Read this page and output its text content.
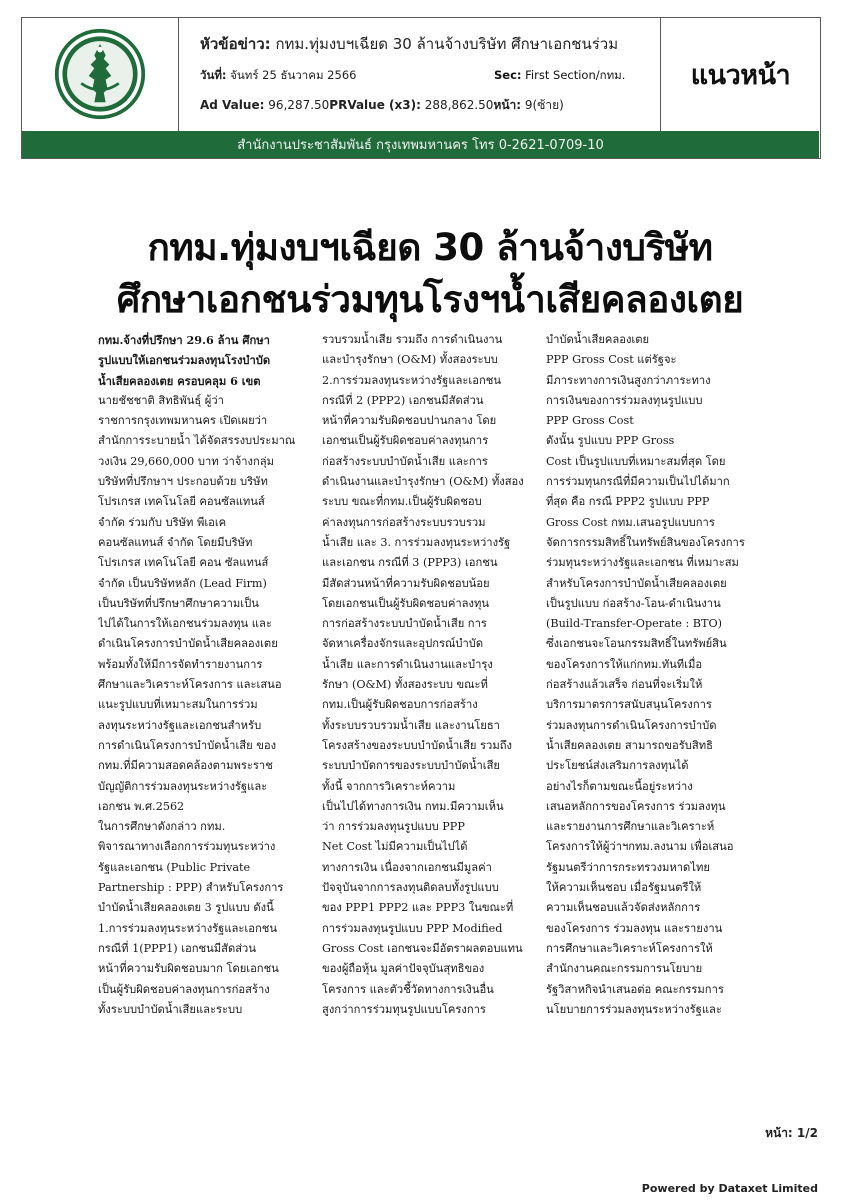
หัวข้อข่าว: กทม.ทุ่มงบฯเฉียด 30 ล้านจ้างบริษัท ศึกษาเอกชนร่วม
วันที่: จันทร์ 25 ธันวาคม 2566	Sec: First Section/กทม.
Ad Value: 96,287.50PRValue (x3): 288,862.50หน้า: 9(ซ้าย)
แนวหน้า
สำนักงานประชาสัมพันธ์ กรุงเทพมหานคร โทร 0-2621-0709-10
กทม.ทุ่มงบฯเฉียด 30 ล้านจ้างบริษัท
ศึกษาเอกชนร่วมทุนโรงฯน้ำเสียคลองเตย
กทม.จ้างที่ปรึกษา 29.6 ล้าน ศึกษา
รูปแบบให้เอกชนร่วมลงทุนโรงบำบัด
น้ำเสียคลองเตย ครอบคลุม 6 เขต
นายชัชชาติ สิทธิพันธุ์ ผู้ว่า
ราชการกรุงเทพมหานคร เปิดเผยว่า
สำนักการระบายน้ำ ได้จัดสรรงบประมาณ
วงเงิน 29,660,000 บาท ว่าจ้างกลุ่ม
บริษัทที่ปรึกษาฯ ประกอบด้วย บริษัท
โปรเกรส เทคโนโลยี คอนซัลแทนส์
จำกัด ร่วมกับ บริษัท พีเอเค
คอนซัลแทนส์ จำกัด โดยมีบริษัท
โปรเกรส เทคโนโลยี คอน ซัลแทนส์
จำกัด เป็นบริษัทหลัก (Lead Firm)
เป็นบริษัทที่ปรึกษาศึกษาความเป็น
ไปได้ในการให้เอกชนร่วมลงทุน และ
ดำเนินโครงการบำบัดน้ำเสียคลองเตย
พร้อมทั้งให้มีการจัดทำรายงานการ
ศึกษาและวิเคราะห์โครงการ และเสนอ
แนะรูปแบบที่เหมาะสมในการร่วม
ลงทุนระหว่างรัฐและเอกชนสำหรับ
การดำเนินโครงการบำบัดน้ำเสีย ของ
กทม.ที่มีความสอดคล้องตามพระราช
บัญญัติการร่วมลงทุนระหว่างรัฐและ
เอกชน พ.ศ.2562
ในการศึกษาดังกล่าว กทม.
พิจารณาทางเลือกการร่วมทุนระหว่าง
รัฐและเอกชน (Public Private
Partnership : PPP) สำหรับโครงการ
บำบัดน้ำเสียคลองเตย 3 รูปแบบ ดังนี้
1.การร่วมลงทุนระหว่างรัฐและเอกชน
กรณีที่ 1(PPP1) เอกชนมีสัดส่วน
หน้าที่ความรับผิดชอบมาก โดยเอกชน
เป็นผู้รับผิดชอบค่าลงทุนการก่อสร้าง
ทั้งระบบบำบัดน้ำเสียและระบบ
รวบรวมน้ำเสีย รวมถึง การดำเนินงาน
และบำรุงรักษา (O&M) ทั้งสองระบบ
2.การร่วมลงทุนระหว่างรัฐและเอกชน
กรณีที่ 2 (PPP2) เอกชนมีสัดส่วน
หน้าที่ความรับผิดชอบปานกลาง โดย
เอกชนเป็นผู้รับผิดชอบค่าลงทุนการ
ก่อสร้างระบบบำบัดน้ำเสีย และการ
ดำเนินงานและบำรุงรักษา (O&M) ทั้งสอง
ระบบ ขณะที่กทม.เป็นผู้รับผิดชอบ
ค่าลงทุนการก่อสร้างระบบรวบรวม
น้ำเสีย และ 3. การร่วมลงทุนระหว่างรัฐ
และเอกชน กรณีที่ 3 (PPP3) เอกชน
มีสัดส่วนหน้าที่ความรับผิดชอบน้อย
โดยเอกชนเป็นผู้รับผิดชอบค่าลงทุน
การก่อสร้างระบบบำบัดน้ำเสีย การ
จัดหาเครื่องจักรและอุปกรณ์บำบัด
น้ำเสีย และการดำเนินงานและบำรุง
รักษา (O&M) ทั้งสองระบบ ขณะที่
กทม.เป็นผู้รับผิดชอบการก่อสร้าง
ทั้งระบบรวบรวมน้ำเสีย และงานโยธา
โครงสร้างของระบบบำบัดน้ำเสีย รวมถึง
ระบบบำบัดการของระบบบำบัดน้ำเสีย
ทั้งนี้ จากการวิเคราะห์ความ
เป็นไปได้ทางการเงิน กทม.มีความเห็น
ว่า การร่วมลงทุนรูปแบบ PPP
Net Cost ไม่มีความเป็นไปได้
ทางการเงิน เนื่องจากเอกชนมีมูลค่า
ปัจจุบันจากการลงทุนติดลบทั้งรูปแบบ
ของ PPP1 PPP2 และ PPP3 ในขณะที่
การร่วมลงทุนรูปแบบ PPP Modified
Gross Cost เอกชนจะมีอัตราผลตอบแทน
ของผู้ถือหุ้น มูลค่าปัจจุบันสุทธิของ
โครงการ และตัวชี้วัดทางการเงินอื่น
สูงกว่าการร่วมทุนรูปแบบโครงการ
บำบัดน้ำเสียคลองเตย
PPP Gross Cost แต่รัฐจะ
มีภาระทางการเงินสูงกว่าภาระทาง
การเงินของการร่วมลงทุนรูปแบบ
PPP Gross Cost
ดังนั้น รูปแบบ PPP Gross
Cost เป็นรูปแบบที่เหมาะสมที่สุด โดย
การร่วมทุนกรณีที่มีความเป็นไปได้มาก
ที่สุด คือ กรณี PPP2 รูปแบบ PPP
Gross Cost กทม.เสนอรูปแบบการ
จัดการกรรมสิทธิ์ในทรัพย์สินของโครงการ
ร่วมทุนระหว่างรัฐและเอกชน ที่เหมาะสม
สำหรับโครงการบำบัดน้ำเสียคลองเตย
เป็นรูปแบบ ก่อสร้าง-โอน-ดำเนินงาน
(Build-Transfer-Operate : BTO)
ซึ่งเอกชนจะโอนกรรมสิทธิ์ในทรัพย์สิน
ของโครงการให้แก่กทม.ทันทีเมื่อ
ก่อสร้างแล้วเสร็จ ก่อนที่จะเริ่มให้
บริการมาตรการสนับสนุนโครงการ
ร่วมลงทุนการดำเนินโครงการบำบัด
น้ำเสียคลองเตย สามารถขอรับสิทธิ
ประโยชน์ส่งเสริมการลงทุนได้
อย่างไรก็ตามขณะนี้อยู่ระหว่าง
เสนอหลักการของโครงการ ร่วมลงทุน
และรายงานการศึกษาและวิเคราะห์
โครงการให้ผู้ว่าฯกทม.ลงนาม เพื่อเสนอ
รัฐมนตรีว่าการกระทรวงมหาดไทย
ให้ความเห็นชอบ เมื่อรัฐมนตรีให้
ความเห็นชอบแล้วจัดส่งหลักการ
ของโครงการ ร่วมลงทุน และรายงาน
การศึกษาและวิเคราะห์โครงการให้
สำนักงานคณะกรรมการนโยบาย
รัฐวิสาหกิจนำเสนอต่อ คณะกรรมการ
นโยบายการร่วมลงทุนระหว่างรัฐและ
หน้า: 1/2
Powered by Dataxet Limited
